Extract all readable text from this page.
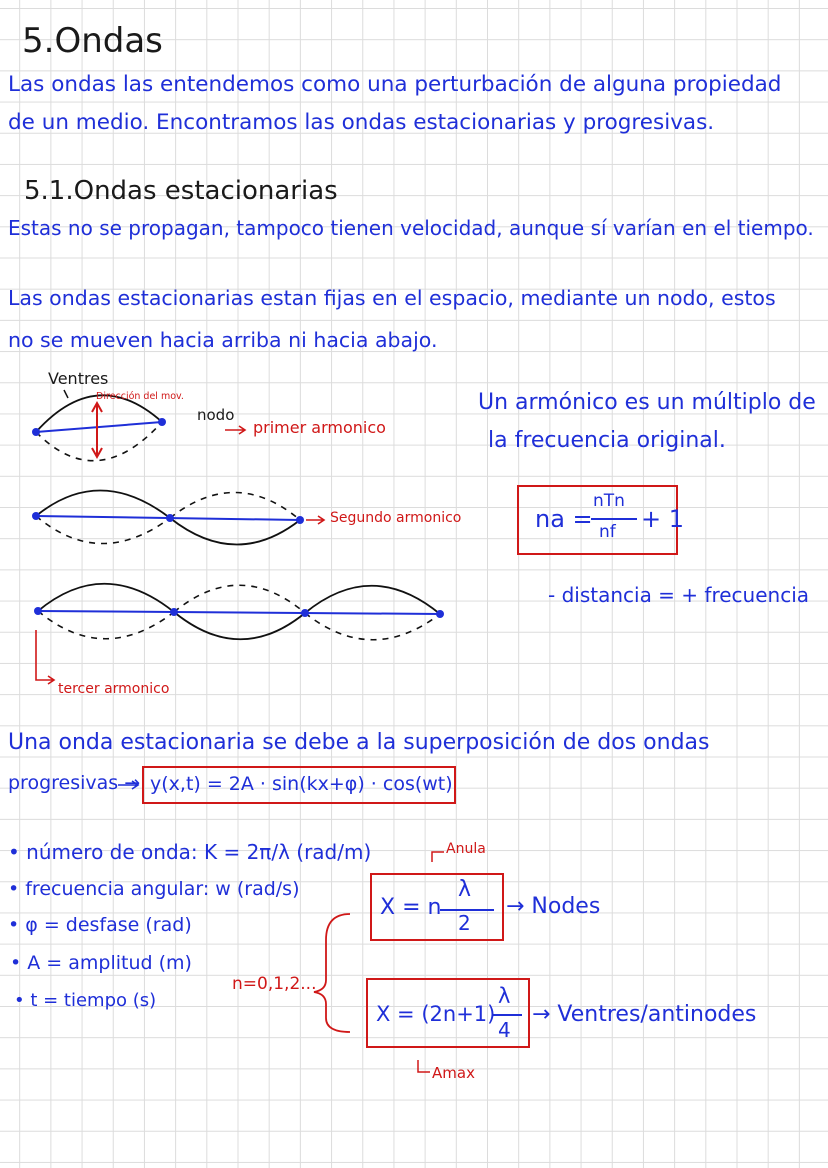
5.Ondas
Las ondas las entendemos como una perturbación de alguna propiedad
de un medio. Encontramos las ondas estacionarias y progresivas.
5.1.Ondas estacionarias
Estas no se propagan, tampoco tienen velocidad, aunque sí varían en el tiempo.
Las ondas estacionarias estan fijas en el espacio, mediante un nodo, estos
no se mueven hacia arriba ni hacia abajo.
Ventres
Dirección del mov.
nodo
primer armonico
Segundo armonico
tercer armonico
Un armónico es un múltiplo de
la frecuencia original.
na =
nTn
nf + 1
- distancia = + frecuencia
Una onda estacionaria se debe a la superposición de dos ondas
progresivas → y(x,t) = 2A · sin(kx+φ) · cos(wt)
• número de onda: K = 2π/λ (rad/m)
• frecuencia angular: w (rad/s)
• φ = desfase (rad)
• A = amplitud (m)
• t = tiempo (s)
n=0,1,2...
Anula
X = n
λ
2
→ Nodes
X = (2n+1)
λ
4
→ Ventres/antinodes
Amax
